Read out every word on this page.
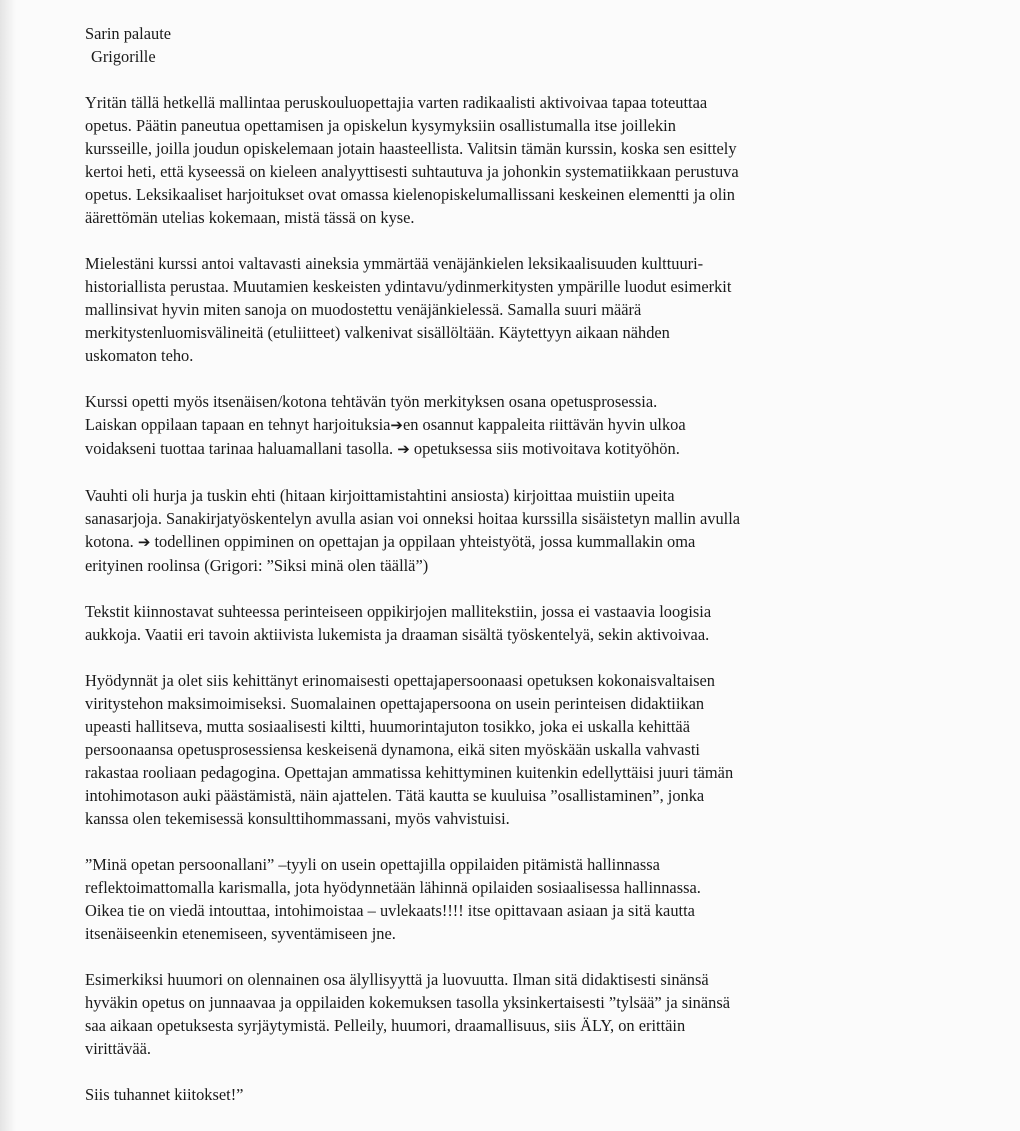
Sarin palaute

Grigorille

Yritän tällä hetkellä mallintaa peruskouluopettajia varten radikaalisti aktivoivaa tapaa toteuttaa

opetus. Päätin paneutua opettamisen ja opiskelun kysymyksiin osallistumalla itse joillekin

kursseille, joilla joudun opiskelemaan jotain haasteellista. Valitsin tämän kurssin, koska sen esittely

kertoi heti, että kyseessä on kieleen analyyttisesti suhtautuva ja johonkin systematiikkaan perustuva

opetus. Leksikaaliset harjoitukset ovat omassa kielenopiskelumallissani keskeinen elementti ja olin

äärettömän utelias kokemaan, mistä tässä on kyse.

Mielestäni kurssi antoi valtavasti aineksia ymmärtää venäjänkielen leksikaalisuuden kulttuuri-

historiallista perustaa. Muutamien keskeisten ydintavu/ydinmerkitysten ympärille luodut esimerkit

mallinsivat hyvin miten sanoja on muodostettu venäjänkielessä. Samalla suuri määrä

merkitystenluomisvälineitä (etuliitteet) valkenivat sisällöltään. Käytettyyn aikaan nähden

uskomaton teho.

Kurssi opetti myös itsenäisen/kotona tehtävän työn merkityksen osana opetusprosessia.

Laiskan oppilaan tapaan en tehnyt harjoituksia➔en osannut kappaleita riittävän hyvin ulkoa

voidakseni tuottaa tarinaa haluamallani tasolla. ➔ opetuksessa siis motivoitava kotityöhön.

Vauhti oli hurja ja tuskin ehti (hitaan kirjoittamistahtini ansiosta) kirjoittaa muistiin upeita

sanasarjoja. Sanakirjatyöskentelyn avulla asian voi onneksi hoitaa kurssilla sisäistetyn mallin avulla

kotona. ➔ todellinen oppiminen on opettajan ja oppilaan yhteistyötä, jossa kummallakin oma

erityinen roolinsa (Grigori: ”Siksi minä olen täällä”)

Tekstit kiinnostavat suhteessa perinteiseen oppikirjojen mallitekstiin, jossa ei vastaavia loogisia

aukkoja. Vaatii eri tavoin aktiivista lukemista ja draaman sisältä työskentelyä, sekin aktivoivaa.

Hyödynnät ja olet siis kehittänyt erinomaisesti opettajapersoonaasi opetuksen kokonaisvaltaisen

viritystehon maksimoimiseksi. Suomalainen opettajapersoona on usein perinteisen didaktiikan

upeasti hallitseva, mutta sosiaalisesti kiltti, huumorintajuton tosikko, joka ei uskalla kehittää

persoonaansa opetusprosessiensa keskeisenä dynamona, eikä siten myöskään uskalla vahvasti

rakastaa rooliaan pedagogina. Opettajan ammatissa kehittyminen kuitenkin edellyttäisi juuri tämän

intohimotason auki päästämistä, näin ajattelen. Tätä kautta se kuuluisa ”osallistaminen”, jonka

kanssa olen tekemisessä konsulttihommassani, myös vahvistuisi.

”Minä opetan persoonallani” –tyyli on usein opettajilla oppilaiden pitämistä hallinnassa

reflektoimattomalla karismalla, jota hyödynnetään lähinnä opilaiden sosiaalisessa hallinnassa.

Oikea tie on viedä intouttaa, intohimoistaa – uvlekaats!!!! itse opittavaan asiaan ja sitä kautta

itsenäiseenkin etenemiseen, syventämiseen jne.

Esimerkiksi huumori on olennainen osa älyllisyyttä ja luovuutta. Ilman sitä didaktisesti sinänsä

hyväkin opetus on junnaavaa ja oppilaiden kokemuksen tasolla yksinkertaisesti ”tylsää” ja sinänsä

saa aikaan opetuksesta syrjäytymistä. Pelleily, huumori, draamallisuus, siis ÄLY, on erittäin

virittävää.

Siis tuhannet kiitokset!”
